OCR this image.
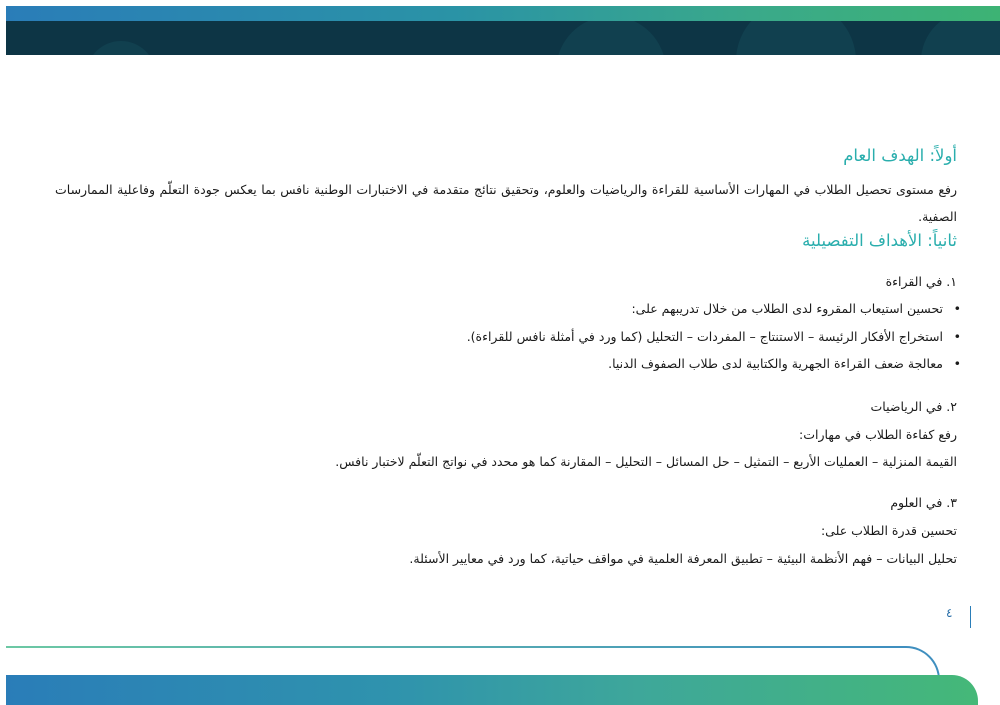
أولاً: الهدف العام
رفع مستوى تحصيل الطلاب في المهارات الأساسية للقراءة والرياضيات والعلوم، وتحقيق نتائج متقدمة في الاختبارات الوطنية نافس بما يعكس جودة التعلّم وفاعلية الممارسات الصفية.
ثانياً: الأهداف التفصيلية
١. في القراءة
• تحسين استيعاب المقروء لدى الطلاب من خلال تدريبهم على:
• استخراج الأفكار الرئيسة – الاستنتاج – المفردات – التحليل (كما ورد في أمثلة نافس للقراءة).
• معالجة ضعف القراءة الجهرية والكتابية لدى طلاب الصفوف الدنيا.
٢. في الرياضيات
رفع كفاءة الطلاب في مهارات:
القيمة المنزلية – العمليات الأربع – التمثيل – حل المسائل – التحليل – المقارنة كما هو محدد في نواتج التعلّم لاختبار نافس.
٣. في العلوم
تحسين قدرة الطلاب على:
تحليل البيانات – فهم الأنظمة البيئية – تطبيق المعرفة العلمية في مواقف حياتية، كما ورد في معايير الأسئلة.
٤
